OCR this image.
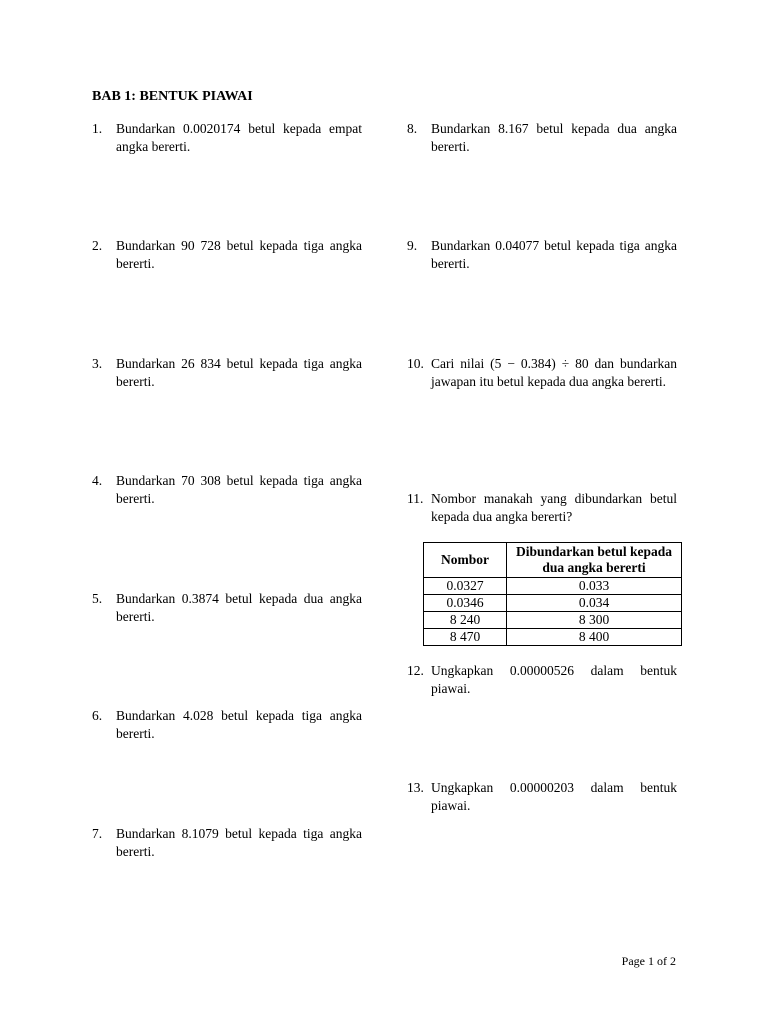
BAB 1: BENTUK PIAWAI
1. Bundarkan 0.0020174 betul kepada empat angka bererti.
2. Bundarkan 90 728 betul kepada tiga angka bererti.
3. Bundarkan 26 834 betul kepada tiga angka bererti.
4. Bundarkan 70 308 betul kepada tiga angka bererti.
5. Bundarkan 0.3874 betul kepada dua angka bererti.
6. Bundarkan 4.028 betul kepada tiga angka bererti.
7. Bundarkan 8.1079 betul kepada tiga angka bererti.
8. Bundarkan 8.167 betul kepada dua angka bererti.
9. Bundarkan 0.04077 betul kepada tiga angka bererti.
10. Cari nilai (5 − 0.384) ÷ 80 dan bundarkan jawapan itu betul kepada dua angka bererti.
11. Nombor manakah yang dibundarkan betul kepada dua angka bererti?
Nombor	Dibundarkan betul kepada dua angka bererti
0.0327	0.033
0.0346	0.034
8 240	8 300
8 470	8 400
12. Ungkapkan 0.00000526 dalam bentuk piawai.
13. Ungkapkan 0.00000203 dalam bentuk piawai.
Page 1 of 2
